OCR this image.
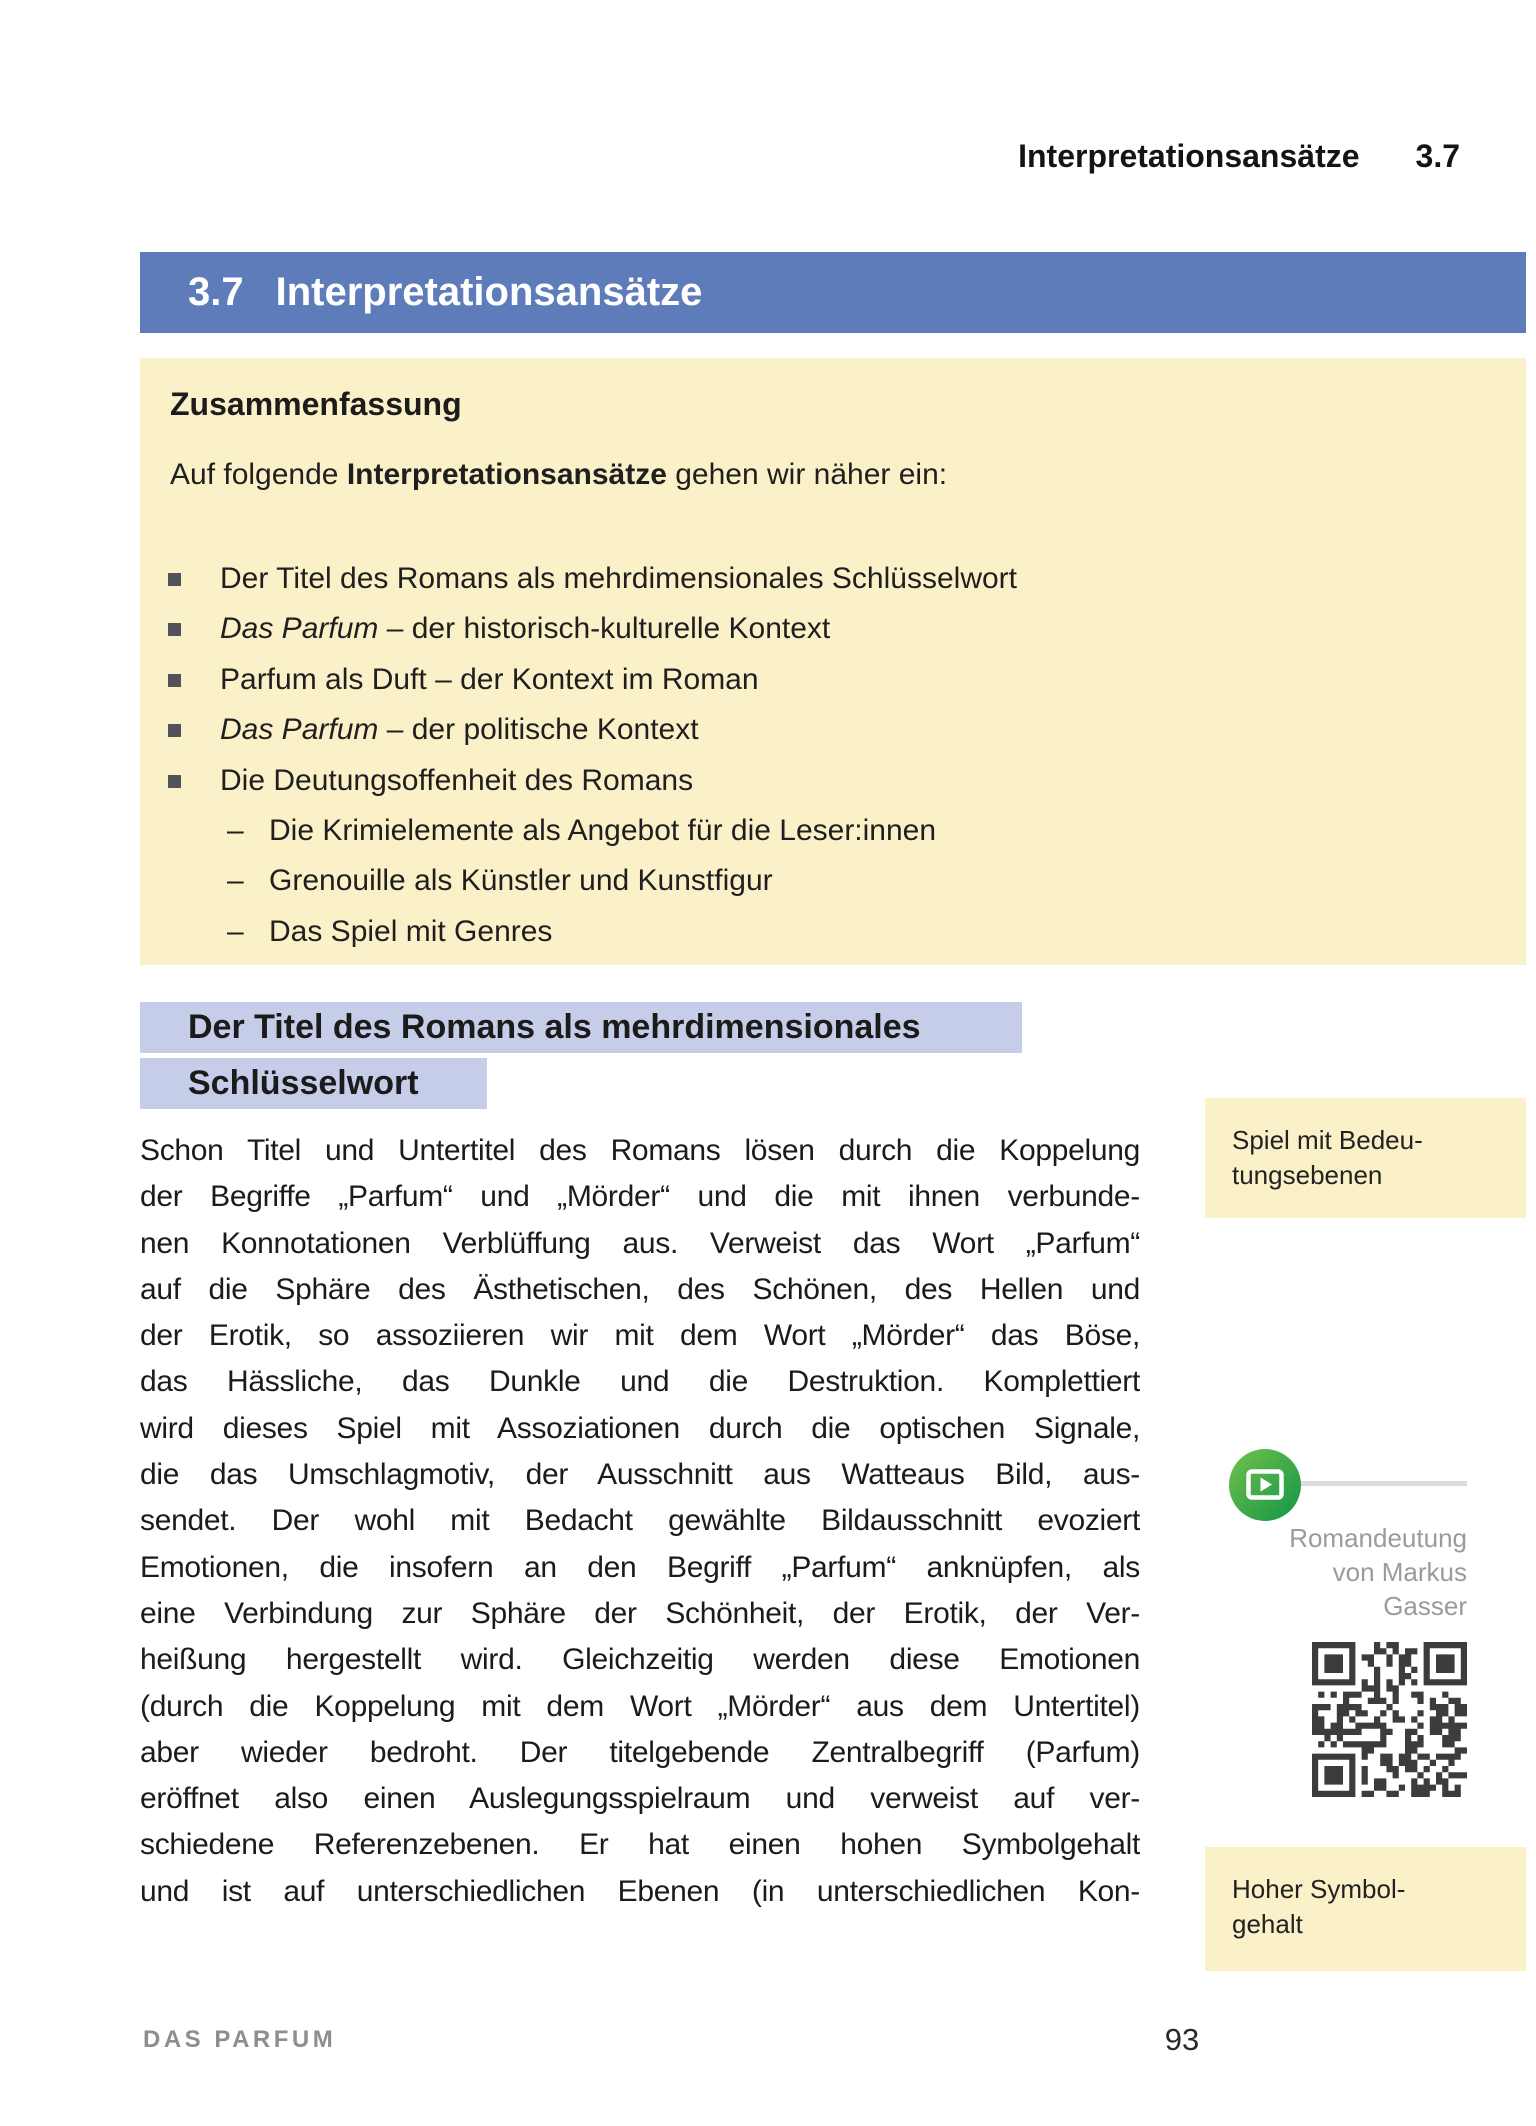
TEXTANALYSE UND -INTERPRETATION 3
Interpretationsansätze 3.7
3.7 Interpretationsansätze
Zusammenfassung
Auf folgende Interpretationsansätze gehen wir näher ein:
Der Titel des Romans als mehrdimensionales Schlüsselwort
Das Parfum – der historisch-kulturelle Kontext
Parfum als Duft – der Kontext im Roman
Das Parfum – der politische Kontext
Die Deutungsoffenheit des Romans
– Die Krimielemente als Angebot für die Leser:innen
– Grenouille als Künstler und Kunstfigur
– Das Spiel mit Genres
Der Titel des Romans als mehrdimensionales
Schlüsselwort
Schon Titel und Untertitel des Romans lösen durch die Koppelung
der Begriffe „Parfum“ und „Mörder“ und die mit ihnen verbunde-
nen Konnotationen Verblüffung aus. Verweist das Wort „Parfum“
auf die Sphäre des Ästhetischen, des Schönen, des Hellen und
der Erotik, so assoziieren wir mit dem Wort „Mörder“ das Böse,
das Hässliche, das Dunkle und die Destruktion. Komplettiert
wird dieses Spiel mit Assoziationen durch die optischen Signale,
die das Umschlagmotiv, der Ausschnitt aus Watteaus Bild, aus-
sendet. Der wohl mit Bedacht gewählte Bildausschnitt evoziert
Emotionen, die insofern an den Begriff „Parfum“ anknüpfen, als
eine Verbindung zur Sphäre der Schönheit, der Erotik, der Ver-
heißung hergestellt wird. Gleichzeitig werden diese Emotionen
(durch die Koppelung mit dem Wort „Mörder“ aus dem Untertitel)
aber wieder bedroht. Der titelgebende Zentralbegriff (Parfum)
eröffnet also einen Auslegungsspielraum und verweist auf ver-
schiedene Referenzebenen. Er hat einen hohen Symbolgehalt
und ist auf unterschiedlichen Ebenen (in unterschiedlichen Kon-
Spiel mit Bedeu-
tungsebenen
Romandeutung
von Markus
Gasser
Hoher Symbol-
gehalt
DAS PARFUM	93
